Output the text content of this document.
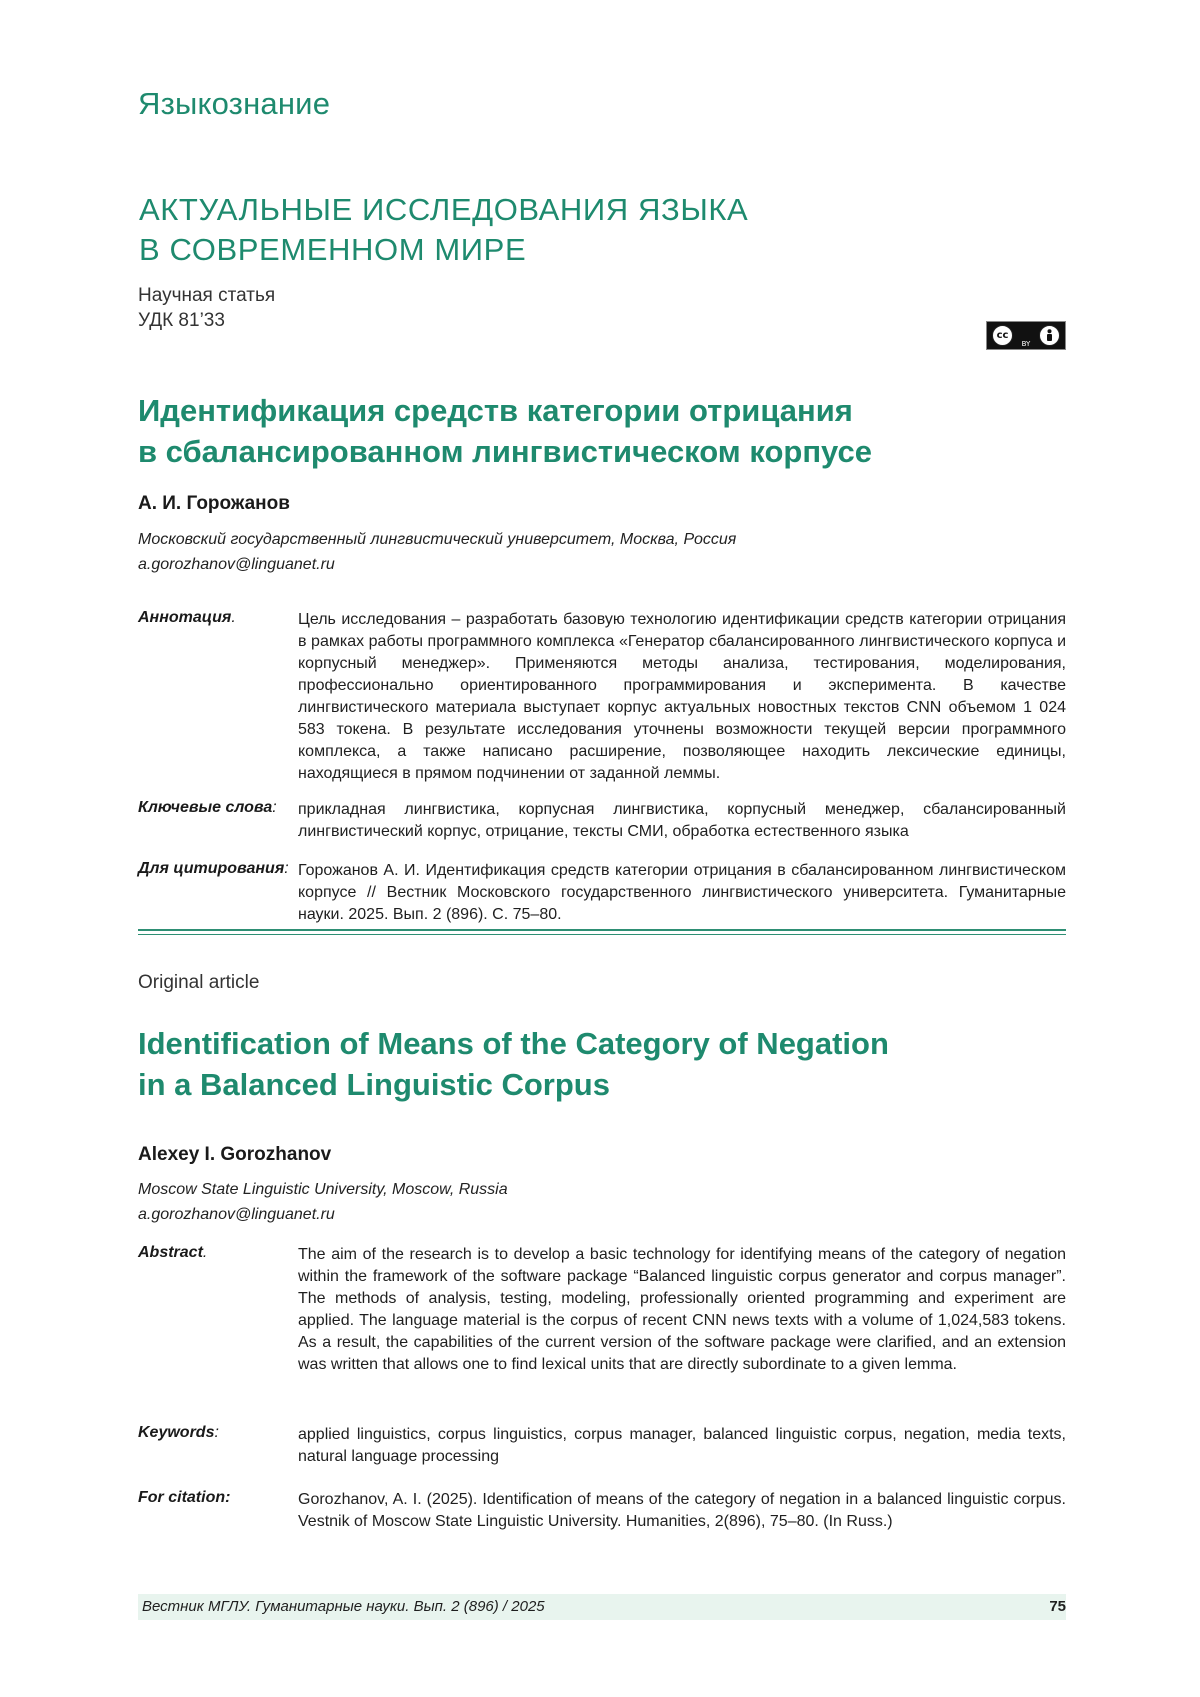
Языкознание
АКТУАЛЬНЫЕ ИССЛЕДОВАНИЯ ЯЗЫКА
В СОВРЕМЕННОМ МИРЕ
Научная статья
УДК 81’33
cc
BY
Идентификация средств категории отрицания
в сбалансированном лингвистическом корпусе
А. И. Горожанов
Московский государственный лингвистический университет, Москва, Россия
a.gorozhanov@linguanet.ru
Аннотация.	Цель исследования – разработать базовую технологию идентификации средств категории отрицания в рамках работы программного комплекса «Генератор сбалансированного лингвистического корпуса и корпусный менеджер». Применяются методы анализа, тестирования, моделирования, профессионально ориентированного программирования и эксперимента. В качестве лингвистического материала выступает корпус актуальных новостных текстов CNN объемом 1 024 583 токена. В результате исследования уточнены возможности текущей версии программного комплекса, а также написано расширение, позволяющее находить лексические единицы, находящиеся в прямом подчинении от заданной леммы.
Ключевые слова: прикладная лингвистика, корпусная лингвистика, корпусный менеджер, сбалансированный лингвистический корпус, отрицание, тексты СМИ, обработка естественного языка
Для цитирования: Горожанов А. И. Идентификация средств категории отрицания в сбалансированном лингвистическом корпусе // Вестник Московского государственного лингвистического университета. Гуманитарные науки. 2025. Вып. 2 (896). С. 75–80.
Original article
Identification of Means of the Category of Negation
in a Balanced Linguistic Corpus
Alexey I. Gorozhanov
Moscow State Linguistic University, Moscow, Russia
a.gorozhanov@linguanet.ru
Abstract.	The aim of the research is to develop a basic technology for identifying means of the category of negation within the framework of the software package “Balanced linguistic corpus generator and corpus manager”. The methods of analysis, testing, modeling, professionally oriented programming and experiment are applied. The language material is the corpus of recent CNN news texts with a volume of 1,024,583 tokens. As a result, the capabilities of the current version of the software package were clarified, and an extension was written that allows one to find lexical units that are directly subordinate to a given lemma.
Keywords:	applied linguistics, corpus linguistics, corpus manager, balanced linguistic corpus, negation, media texts, natural language processing
For citation:	Gorozhanov, A. I. (2025). Identification of means of the category of negation in a balanced linguistic corpus. Vestnik of Moscow State Linguistic University. Humanities, 2(896), 75–80. (In Russ.)
Вестник МГЛУ. Гуманитарные науки. Вып. 2 (896) / 2025	75
